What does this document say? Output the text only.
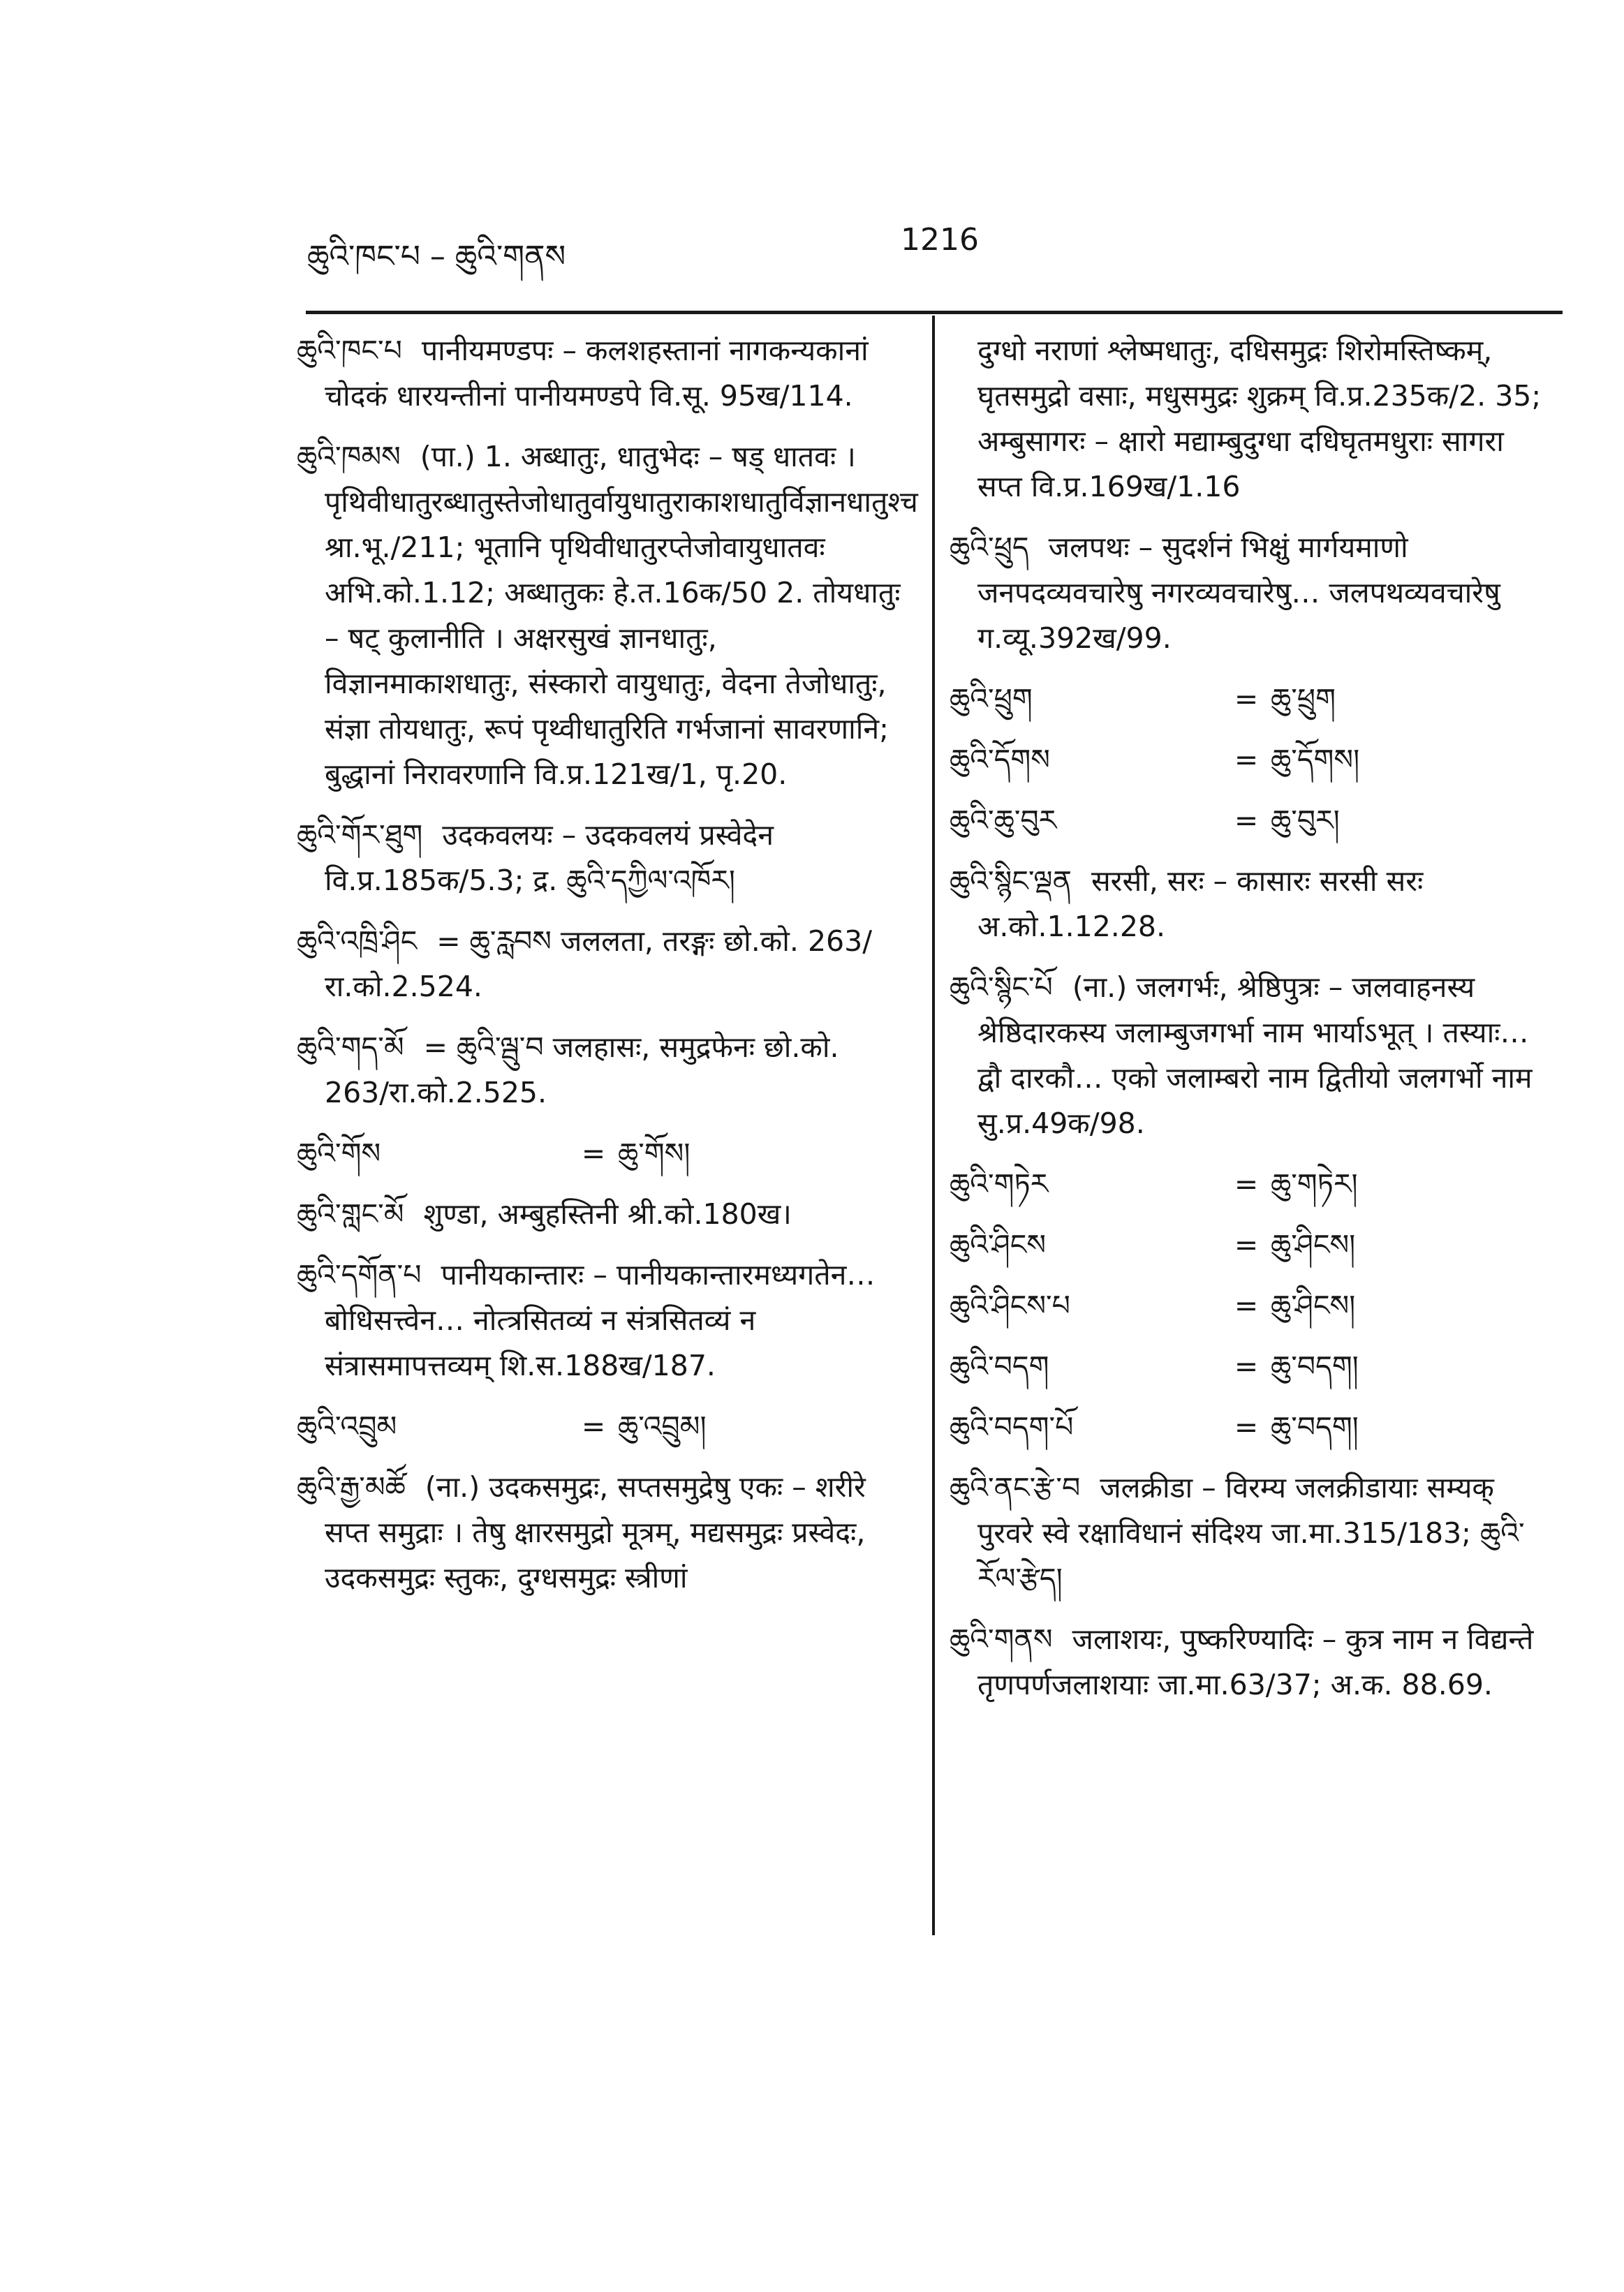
ཆུའི་ཁང་པ – ཆུའི་གནས	1216
ཆུའི་ཁང་པ पानीयमण्डपः – कलशहस्तानां नागकन्यकानां चोदकं धारयन्तीनां पानीयमण्डपे वि.सू. 95ख/114.
ཆུའི་ཁམས (पा.) 1. अब्धातुः, धातुभेदः – षड् धातवः । पृथिवीधातुरब्धातुस्तेजोधातुर्वायुधातुराकाशधातुर्विज्ञानधातुश्च श्रा.भू./211; भूतानि पृथिवीधातुरप्तेजोवायुधातवः अभि.को.1.12; अब्धातुकः हे.त.16क/50 2. तोयधातुः – षट् कुलानीति । अक्षरसुखं ज्ञानधातुः, विज्ञानमाकाशधातुः, संस्कारो वायुधातुः, वेदना तेजोधातुः, संज्ञा तोयधातुः, रूपं पृथ्वीधातुरिति गर्भजानां सावरणानि; बुद्धानां निरावरणानि वि.प्र.121ख/1, पृ.20.
ཆུའི་གོར་ཐུག उदकवलयः – उदकवलयं प्रस्वेदेन वि.प्र.185क/5.3; द्र. ཆུའི་དཀྱིལ་འཁོར།
ཆུའི་འཁྲི་ཤིང = ཆུ་རླབས जललता, तरङ्गः छो.को. 263/रा.को.2.524.
ཆུའི་གད་མོ = ཆུའི་ལྦུ་བ जलहासः, समुद्रफेनः छो.को. 263/रा.को.2.525.
ཆུའི་གོས	= ཆུ་གོས།
ཆུའི་གླང་མོ शुण्डा, अम्बुहस्तिनी श्री.को.180ख।
ཆུའི་དགོན་པ पानीयकान्तारः – पानीयकान्तारमध्यगतेन… बोधिसत्त्वेन… नोत्त्रसितव्यं न संत्रसितव्यं न संत्रासमापत्तव्यम् शि.स.188ख/187.
ཆུའི་འབྲུམ	= ཆུ་འབྲུམ།
ཆུའི་རྒྱ་མཚོ (ना.) उदकसमुद्रः, सप्तसमुद्रेषु एकः – शरीरे सप्त समुद्राः । तेषु क्षारसमुद्रो मूत्रम्, मद्यसमुद्रः प्रस्वेदः, उदकसमुद्रः स्तुकः, दुग्धसमुद्रः स्त्रीणां
दुग्धो नराणां श्लेष्मधातुः, दधिसमुद्रः शिरोमस्तिष्कम्, घृतसमुद्रो वसाः, मधुसमुद्रः शुक्रम् वि.प्र.235क/2. 35; अम्बुसागरः – क्षारो मद्याम्बुदुग्धा दधिघृतमधुराः सागरा सप्त वि.प्र.169ख/1.16
ཆུའི་ཕྲུད जलपथः – सुदर्शनं भिक्षुं मार्गयमाणो जनपदव्यवचारेषु नगरव्यवचारेषु… जलपथव्यवचारेषु ग.व्यू.392ख/99.
ཆུའི་ཕྲུག	= ཆུ་ཕྲུག
ཆུའི་དོགས	= ཆུ་དོགས།
ཆུའི་ཆུ་བུར	= ཆུ་བུར།
ཆུའི་སྙིང་ལྡན सरसी, सरः – कासारः सरसी सरः अ.को.1.12.28.
ཆུའི་སྙིང་པོ (ना.) जलगर्भः, श्रेष्ठिपुत्रः – जलवाहनस्य श्रेष्ठिदारकस्य जलाम्बुजगर्भा नाम भार्याऽभूत् । तस्याः… द्वौ दारकौ… एको जलाम्बरो नाम द्वितीयो जलगर्भो नाम सु.प्र.49क/98.
ཆུའི་གཏེར	= ཆུ་གཏེར།
ཆུའི་ཤིངས	= ཆུ་ཤིངས།
ཆུའི་ཤིངས་པ	= ཆུ་ཤིངས།
ཆུའི་བདག	= ཆུ་བདག།
ཆུའི་བདག་པོ	= ཆུ་བདག།
ཆུའི་ནང་རྩེ་བ जलक्रीडा – विरम्य जलक्रीडायाः सम्यक् पुरवरे स्वे रक्षाविधानं संदिश्य जा.मा.315/183; ཆུའི་རོལ་རྩེད།
ཆུའི་གནས जलाशयः, पुष्करिण्यादिः – कुत्र नाम न विद्यन्ते तृणपर्णजलाशयाः जा.मा.63/37; अ.क. 88.69.
